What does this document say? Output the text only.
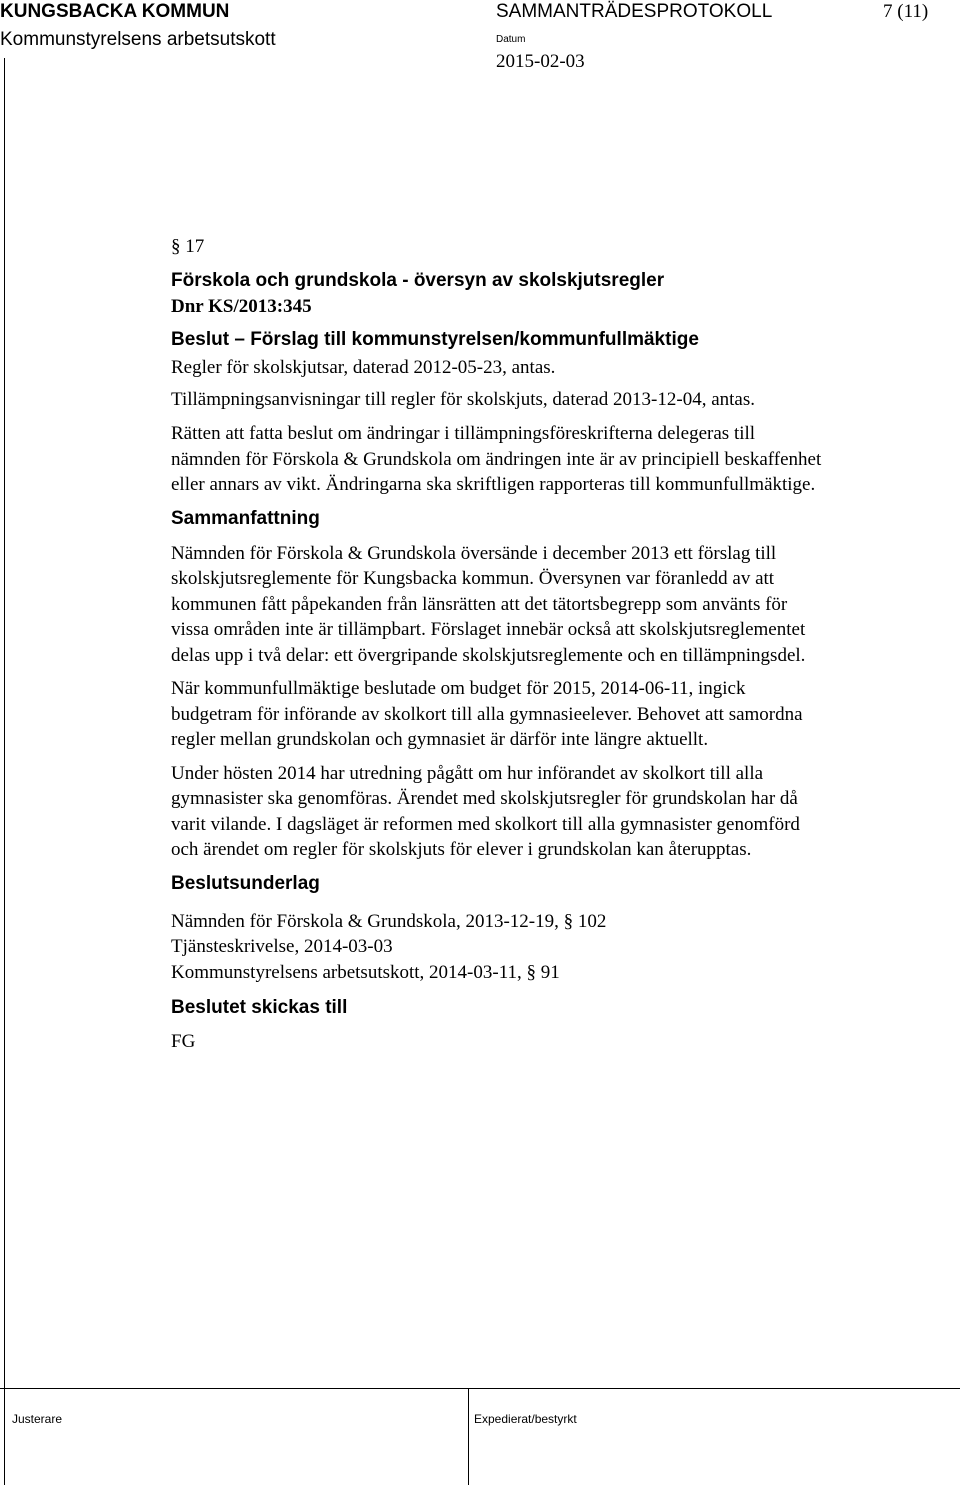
KUNGSBACKA KOMMUN
Kommunstyrelsens arbetsutskott
SAMMANTRÄDESPROTOKOLL	7 (11)
Datum
2015-02-03

§ 17

Förskola och grundskola - översyn av skolskjutsregler

Dnr KS/2013:345

Beslut – Förslag till kommunstyrelsen/kommunfullmäktige

Regler för skolskjutsar, daterad 2012-05-23, antas.

Tillämpningsanvisningar till regler för skolskjuts, daterad 2013-12-04, antas.

Rätten att fatta beslut om ändringar i tillämpningsföreskrifterna delegeras till
nämnden för Förskola & Grundskola om ändringen inte är av principiell beskaffenhet
eller annars av vikt. Ändringarna ska skriftligen rapporteras till kommunfullmäktige.

Sammanfattning

Nämnden för Förskola & Grundskola översände i december 2013 ett förslag till
skolskjutsreglemente för Kungsbacka kommun. Översynen var föranledd av att
kommunen fått påpekanden från länsrätten att det tätortsbegrepp som använts för
vissa områden inte är tillämpbart. Förslaget innebär också att skolskjutsreglementet
delas upp i två delar: ett övergripande skolskjutsreglemente och en tillämpningsdel.
När kommunfullmäktige beslutade om budget för 2015, 2014-06-11, ingick
budgetram för införande av skolkort till alla gymnasieelever. Behovet att samordna
regler mellan grundskolan och gymnasiet är därför inte längre aktuellt.
Under hösten 2014 har utredning pågått om hur införandet av skolkort till alla
gymnasister ska genomföras. Ärendet med skolskjutsregler för grundskolan har då
varit vilande. I dagsläget är reformen med skolkort till alla gymnasister genomförd
och ärendet om regler för skolskjuts för elever i grundskolan kan återupptas.

Beslutsunderlag

Nämnden för Förskola & Grundskola, 2013-12-19, § 102
Tjänsteskrivelse, 2014-03-03
Kommunstyrelsens arbetsutskott, 2014-03-11, § 91

Beslutet skickas till

FG

Justerare	Expedierat/bestyrkt
